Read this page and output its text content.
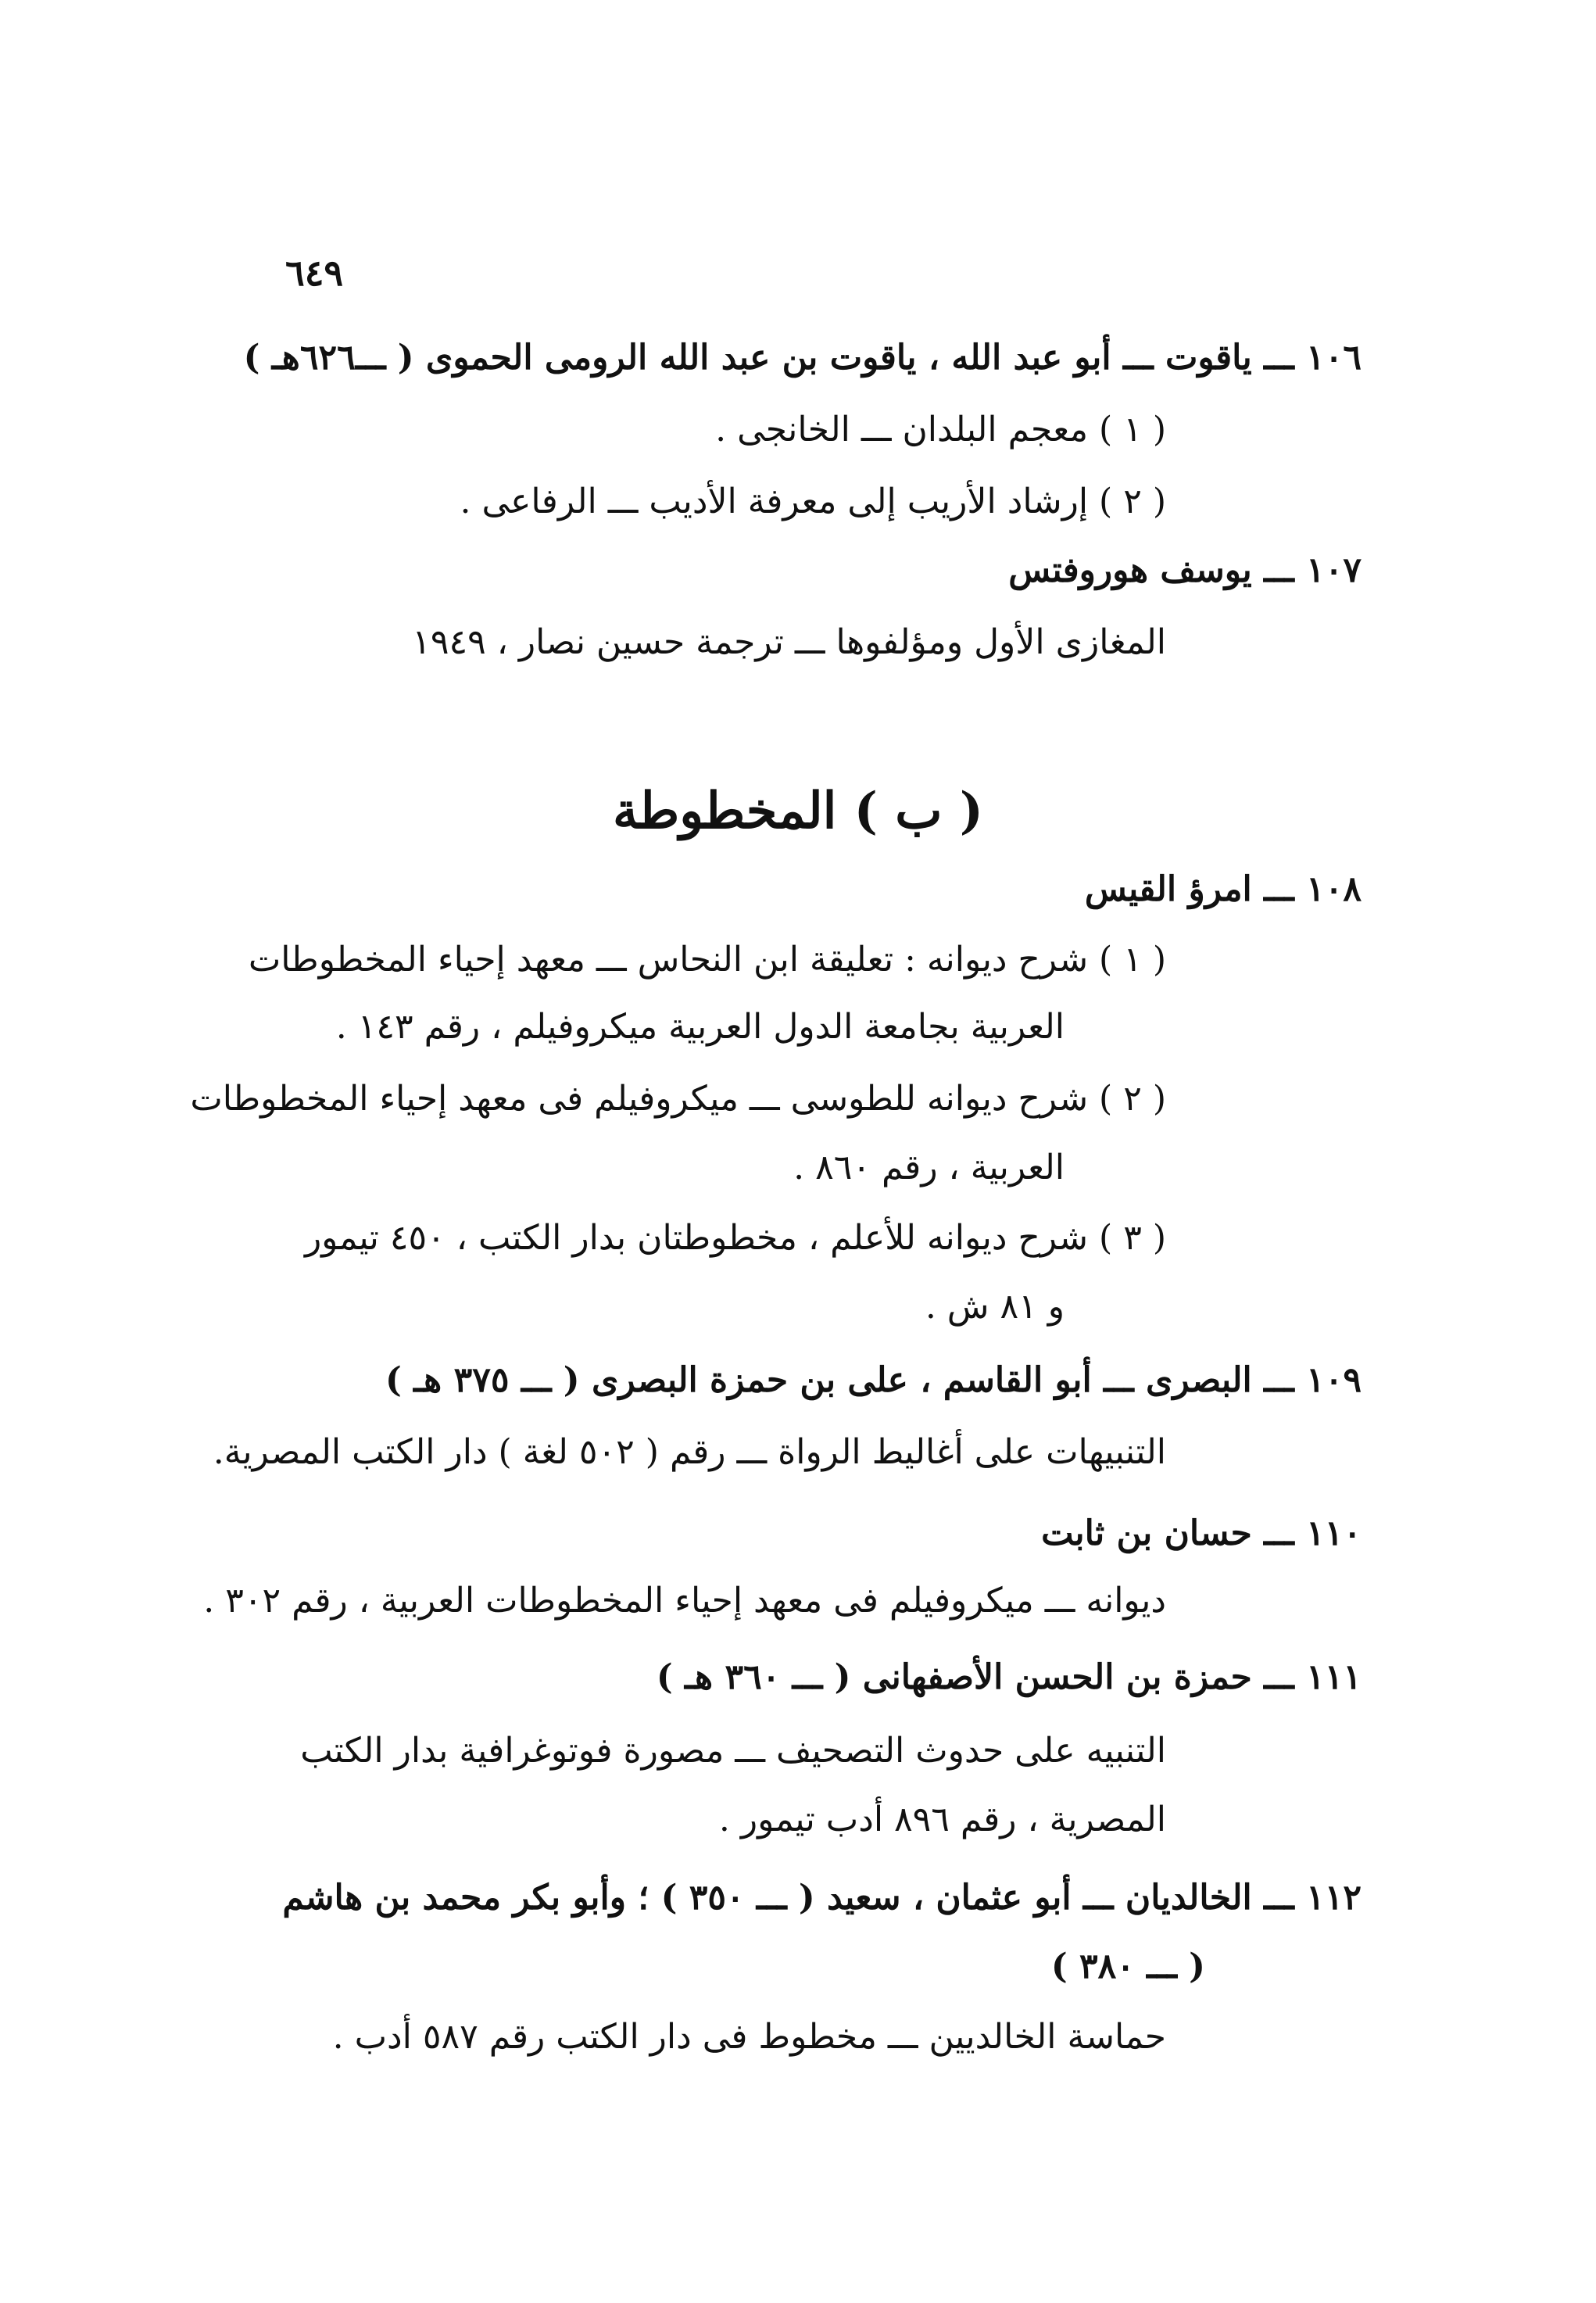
٦٤٩
١٠٦ ـــ ياقوت ـــ أبو عبد الله ، ياقوت بن عبد الله الرومى الحموى ( ـــ٦٢٦هـ )
( ١ ) معجم البلدان ـــ الخانجى .
( ٢ ) إرشاد الأريب إلى معرفة الأديب ـــ الرفاعى .
١٠٧ ـــ يوسف هوروفتس
المغازى الأول ومؤلفوها ـــ ترجمة حسين نصار ، ١٩٤٩
( ب ) المخطوطة
١٠٨ ـــ امرؤ القيس
( ١ ) شرح ديوانه : تعليقة ابن النحاس ـــ معهد إحياء المخطوطات
العربية بجامعة الدول العربية ميكروفيلم ، رقم ١٤٣ .
( ٢ ) شرح ديوانه للطوسى ـــ ميكروفيلم فى معهد إحياء المخطوطات
العربية ، رقم ٨٦٠ .
( ٣ ) شرح ديوانه للأعلم ، مخطوطتان بدار الكتب ، ٤٥٠ تيمور
و ٨١ ش .
١٠٩ ـــ البصرى ـــ أبو القاسم ، على بن حمزة البصرى ( ـــ ٣٧٥ هـ )
التنبيهات على أغاليط الرواة ـــ رقم ( ٥٠٢ لغة ) دار الكتب المصرية.
١١٠ ـــ حسان بن ثابت
ديوانه ـــ ميكروفيلم فى معهد إحياء المخطوطات العربية ، رقم ٣٠٢ .
١١١ ـــ حمزة بن الحسن الأصفهانى ( ـــ ٣٦٠ هـ )
التنبيه على حدوث التصحيف ـــ مصورة فوتوغرافية بدار الكتب
المصرية ، رقم ٨٩٦ أدب تيمور .
١١٢ ـــ الخالديان ـــ أبو عثمان ، سعيد ( ـــ ٣٥٠ ) ؛ وأبو بكر محمد بن هاشم
( ـــ ٣٨٠ )
حماسة الخالديين ـــ مخطوط فى دار الكتب رقم ٥٨٧ أدب .
